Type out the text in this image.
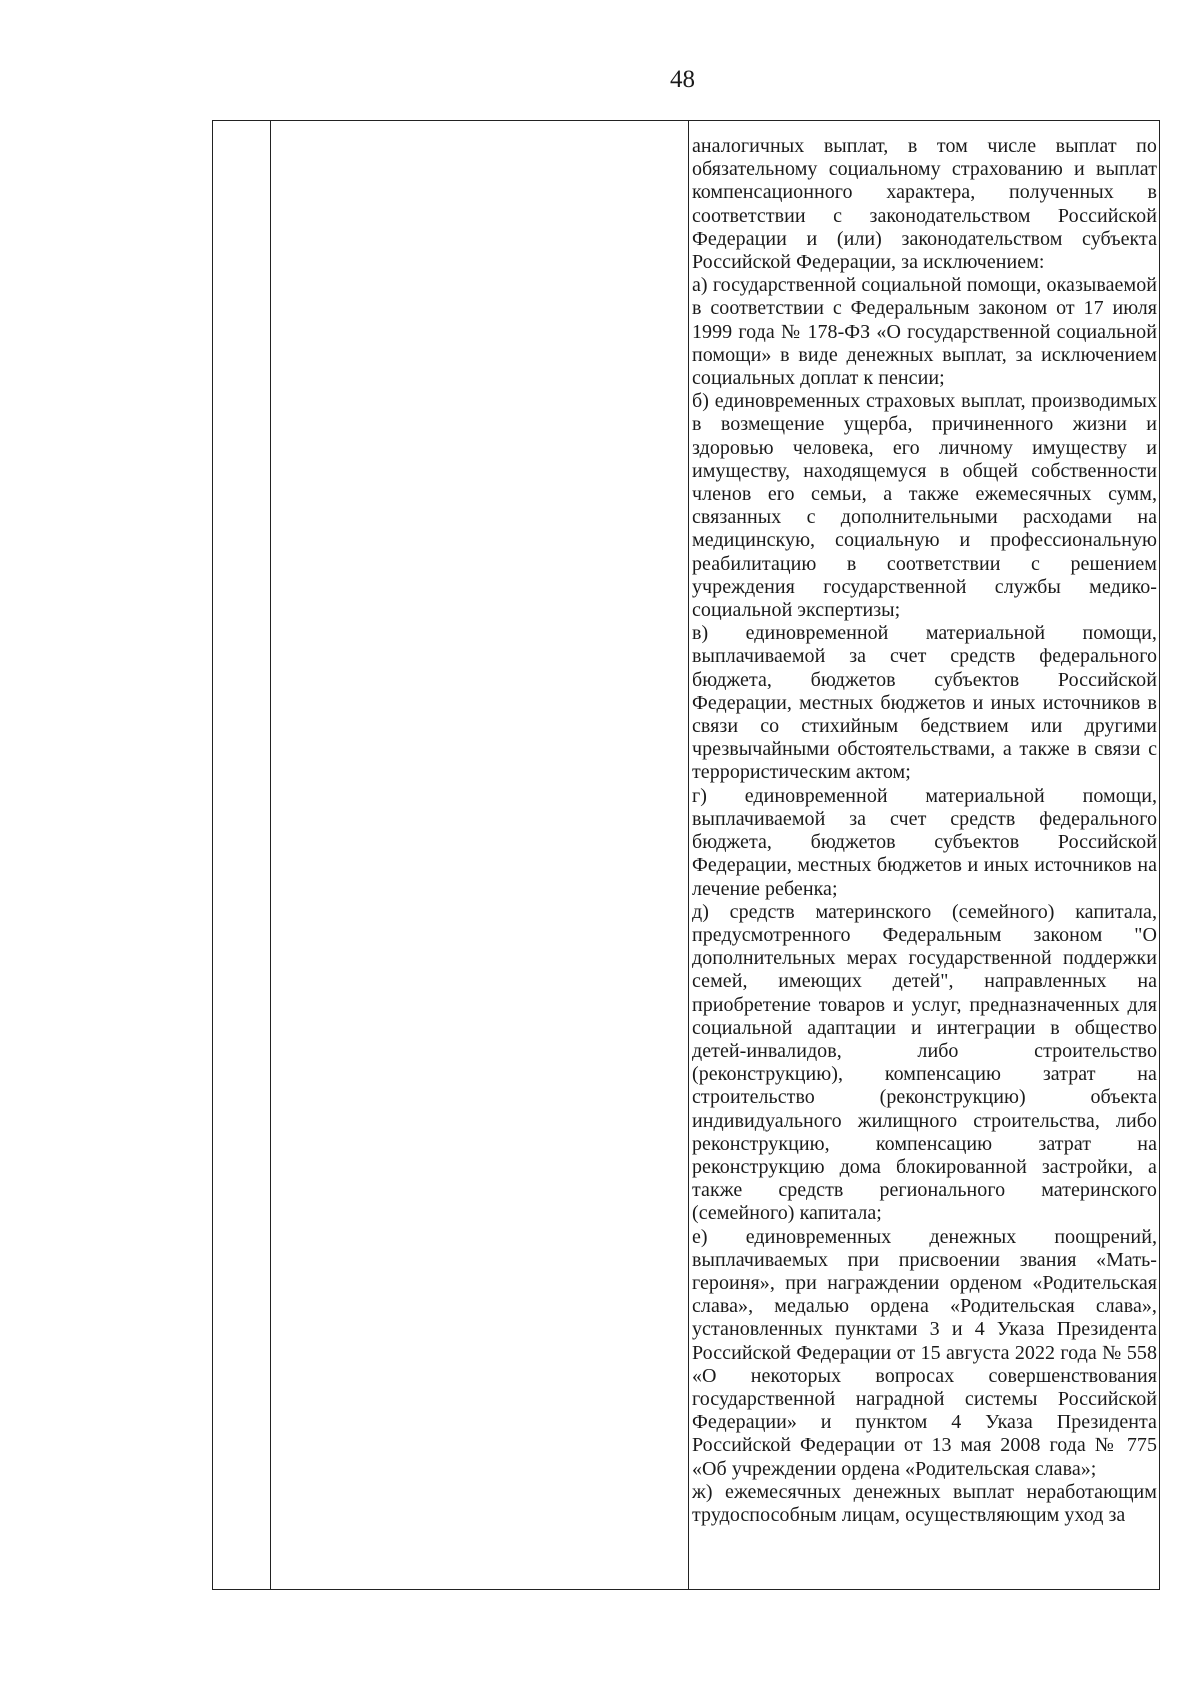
48

аналогичных выплат, в том числе выплат по обязательному социальному страхованию и выплат компенсационного характера, полученных в соответствии с законодательством Российской Федерации и (или) законодательством субъекта Российской Федерации, за исключением:

а) государственной социальной помощи, оказываемой в соответствии с Федеральным законом от 17 июля 1999 года № 178-ФЗ «О государственной социальной помощи» в виде денежных выплат, за исключением социальных доплат к пенсии;

б) единовременных страховых выплат, производимых в возмещение ущерба, причиненного жизни и здоровью человека, его личному имуществу и имуществу, находящемуся в общей собственности членов его семьи, а также ежемесячных сумм, связанных с дополнительными расходами на медицинскую, социальную и профессиональную реабилитацию в соответствии с решением учреждения государственной службы медико-социальной экспертизы;

в) единовременной материальной помощи, выплачиваемой за счет средств федерального бюджета, бюджетов субъектов Российской Федерации, местных бюджетов и иных источников в связи со стихийным бедствием или другими чрезвычайными обстоятельствами, а также в связи с террористическим актом;

г) единовременной материальной помощи, выплачиваемой за счет средств федерального бюджета, бюджетов субъектов Российской Федерации, местных бюджетов и иных источников на лечение ребенка;

д) средств материнского (семейного) капитала, предусмотренного Федеральным законом "О дополнительных мерах государственной поддержки семей, имеющих детей", направленных на приобретение товаров и услуг, предназначенных для социальной адаптации и интеграции в общество детей-инвалидов, либо строительство (реконструкцию), компенсацию затрат на строительство (реконструкцию) объекта индивидуального жилищного строительства, либо реконструкцию, компенсацию затрат на реконструкцию дома блокированной застройки, а также средств регионального материнского (семейного) капитала;

е) единовременных денежных поощрений, выплачиваемых при присвоении звания «Мать-героиня», при награждении орденом «Родительская слава», медалью ордена «Родительская слава», установленных пунктами 3 и 4 Указа Президента Российской Федерации от 15 августа 2022 года № 558 «О некоторых вопросах совершенствования государственной наградной системы Российской Федерации» и пунктом 4 Указа Президента Российской Федерации от 13 мая 2008 года № 775 «Об учреждении ордена «Родительская слава»;

ж) ежемесячных денежных выплат неработающим трудоспособным лицам, осуществляющим уход за
